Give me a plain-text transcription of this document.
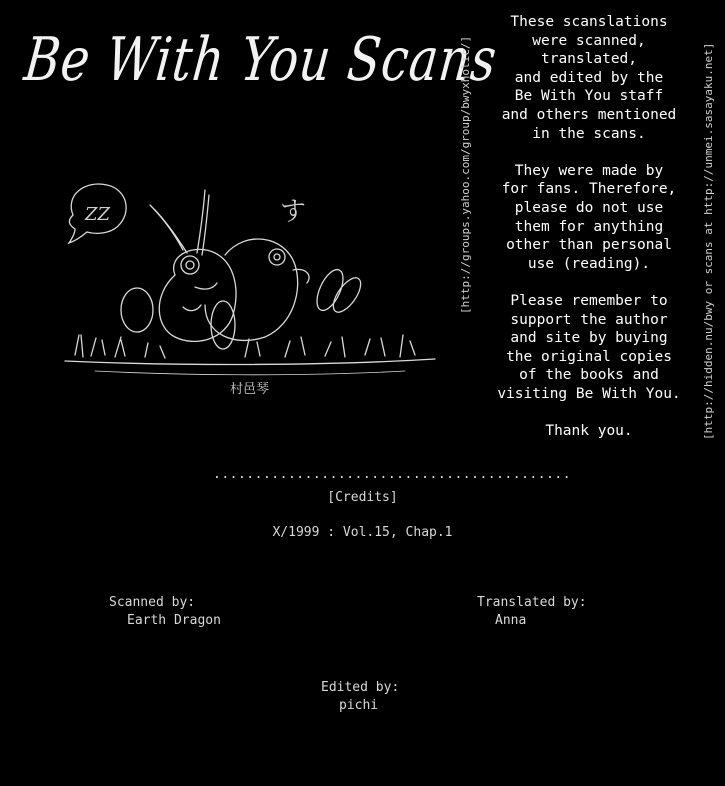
Be With You Scans
ZZ	す
村邑琴
[http://groups.yahoo.com/group/bwyxholic/]	[http://hidden.nu/bwy or scans at http://unmei.sasayaku.net]

These scanslations
were scanned,
translated,
and edited by the
Be With You staff
and others mentioned
in the scans.

They were made by
for fans. Therefore,
please do not use
them for anything
other than personal
use (reading).

Please remember to
support the author
and site by buying
the original copies
of the books and
visiting Be With You.

Thank you.

...........................................
[Credits]
X/1999 : Vol.15, Chap.1
Scanned by:
Earth Dragon
Translated by:
Anna
Edited by:
pichi
